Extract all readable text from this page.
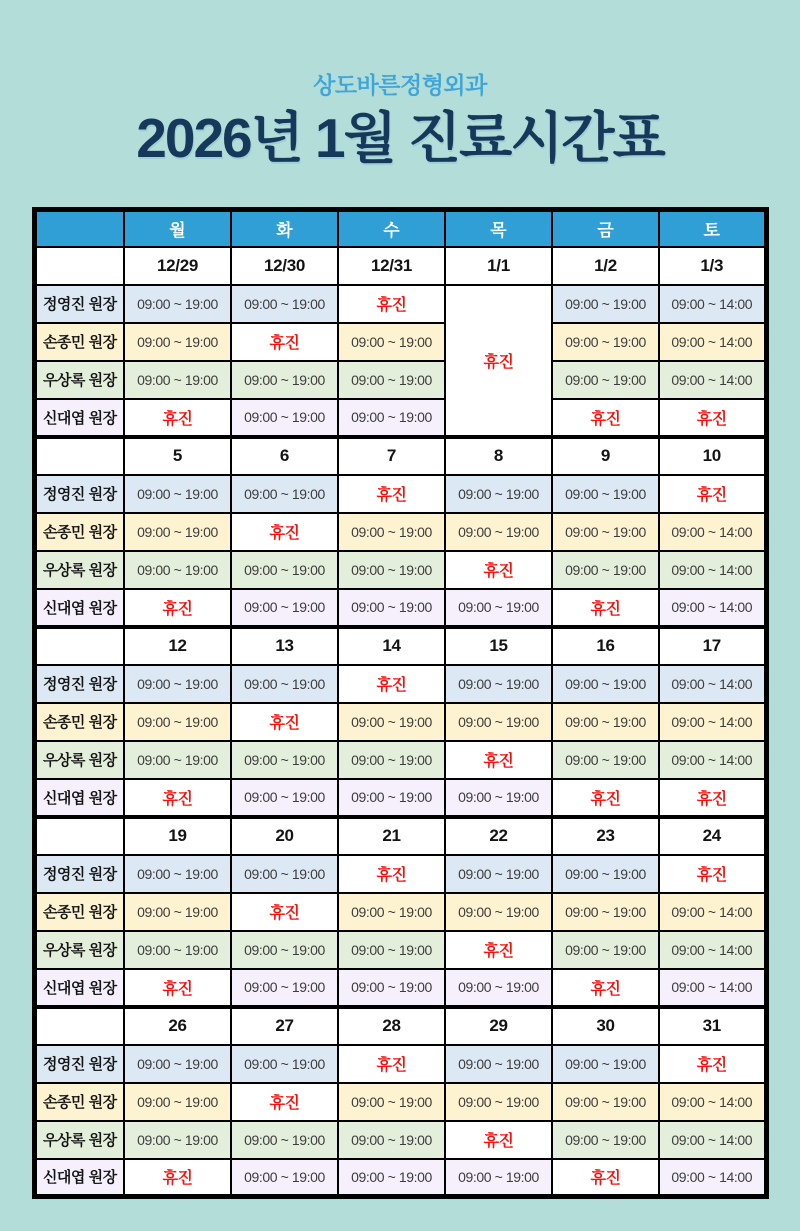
상도바른정형외과
2026년 1월 진료시간표
	월	화	수	목	금	토
	12/29	12/30	12/31	1/1	1/2	1/3
정영진 원장	09:00 ~ 19:00	09:00 ~ 19:00	휴진	휴진	09:00 ~ 19:00	09:00 ~ 14:00
손종민 원장	09:00 ~ 19:00	휴진	09:00 ~ 19:00		09:00 ~ 19:00	09:00 ~ 14:00
우상록 원장	09:00 ~ 19:00	09:00 ~ 19:00	09:00 ~ 19:00		09:00 ~ 19:00	09:00 ~ 14:00
신대엽 원장	휴진	09:00 ~ 19:00	09:00 ~ 19:00		휴진	휴진
	5	6	7	8	9	10
정영진 원장	09:00 ~ 19:00	09:00 ~ 19:00	휴진	09:00 ~ 19:00	09:00 ~ 19:00	휴진
손종민 원장	09:00 ~ 19:00	휴진	09:00 ~ 19:00	09:00 ~ 19:00	09:00 ~ 19:00	09:00 ~ 14:00
우상록 원장	09:00 ~ 19:00	09:00 ~ 19:00	09:00 ~ 19:00	휴진	09:00 ~ 19:00	09:00 ~ 14:00
신대엽 원장	휴진	09:00 ~ 19:00	09:00 ~ 19:00	09:00 ~ 19:00	휴진	09:00 ~ 14:00
	12	13	14	15	16	17
정영진 원장	09:00 ~ 19:00	09:00 ~ 19:00	휴진	09:00 ~ 19:00	09:00 ~ 19:00	09:00 ~ 14:00
손종민 원장	09:00 ~ 19:00	휴진	09:00 ~ 19:00	09:00 ~ 19:00	09:00 ~ 19:00	09:00 ~ 14:00
우상록 원장	09:00 ~ 19:00	09:00 ~ 19:00	09:00 ~ 19:00	휴진	09:00 ~ 19:00	09:00 ~ 14:00
신대엽 원장	휴진	09:00 ~ 19:00	09:00 ~ 19:00	09:00 ~ 19:00	휴진	휴진
	19	20	21	22	23	24
정영진 원장	09:00 ~ 19:00	09:00 ~ 19:00	휴진	09:00 ~ 19:00	09:00 ~ 19:00	휴진
손종민 원장	09:00 ~ 19:00	휴진	09:00 ~ 19:00	09:00 ~ 19:00	09:00 ~ 19:00	09:00 ~ 14:00
우상록 원장	09:00 ~ 19:00	09:00 ~ 19:00	09:00 ~ 19:00	휴진	09:00 ~ 19:00	09:00 ~ 14:00
신대엽 원장	휴진	09:00 ~ 19:00	09:00 ~ 19:00	09:00 ~ 19:00	휴진	09:00 ~ 14:00
	26	27	28	29	30	31
정영진 원장	09:00 ~ 19:00	09:00 ~ 19:00	휴진	09:00 ~ 19:00	09:00 ~ 19:00	휴진
손종민 원장	09:00 ~ 19:00	휴진	09:00 ~ 19:00	09:00 ~ 19:00	09:00 ~ 19:00	09:00 ~ 14:00
우상록 원장	09:00 ~ 19:00	09:00 ~ 19:00	09:00 ~ 19:00	휴진	09:00 ~ 19:00	09:00 ~ 14:00
신대엽 원장	휴진	09:00 ~ 19:00	09:00 ~ 19:00	09:00 ~ 19:00	휴진	09:00 ~ 14:00
